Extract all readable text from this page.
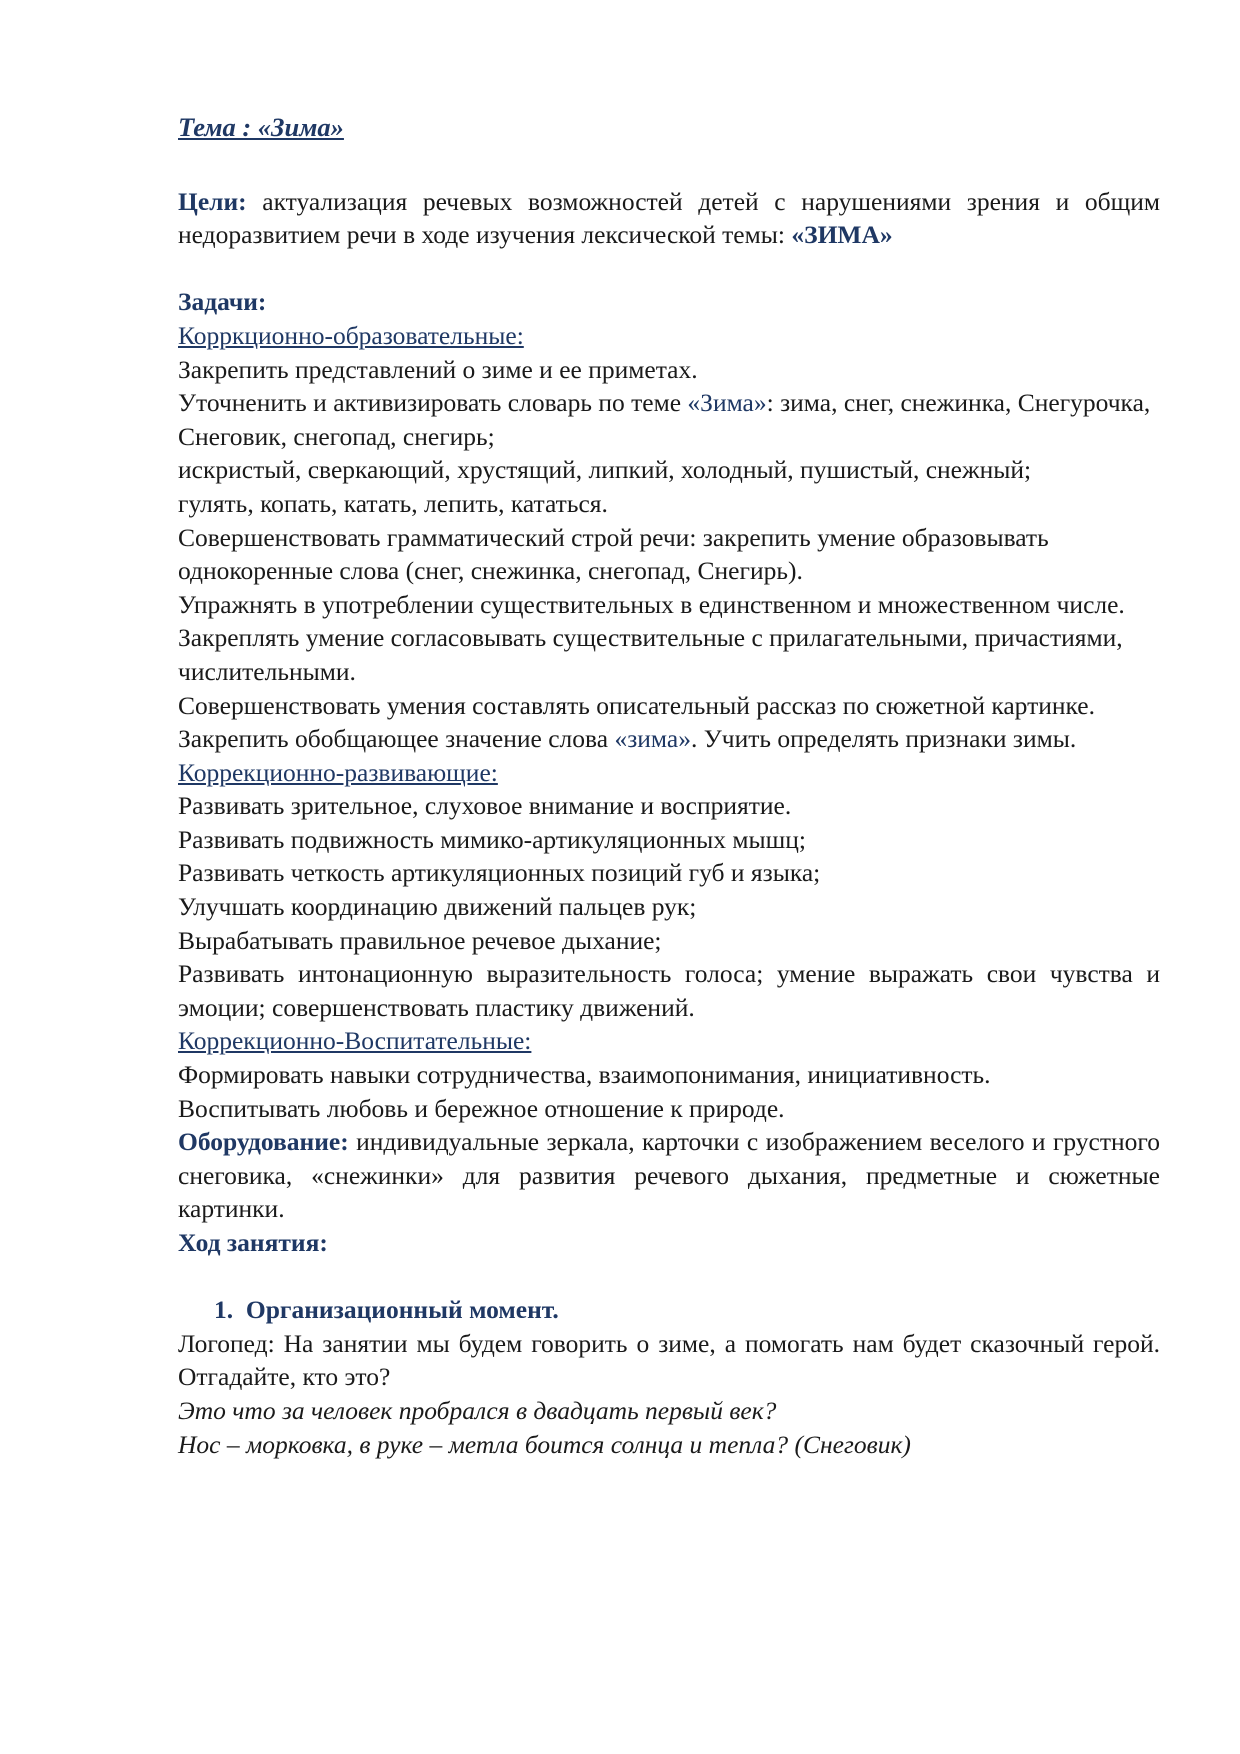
Тема : «Зима»

Цели: актуализация речевых возможностей детей с нарушениями зрения и общим недоразвитием речи в ходе изучения лексической темы: «ЗИМА»

Задачи:

Корркционно-образовательные:

Закрепить представлений о зиме и ее приметах.

Уточненить и активизировать словарь по теме «Зима»: зима, снег, снежинка, Снегурочка, Снеговик, снегопад, снегирь;

искристый, сверкающий, хрустящий, липкий, холодный, пушистый, снежный;

гулять, копать, катать, лепить, кататься.

Совершенствовать грамматический строй речи: закрепить умение образовывать однокоренные слова (снег, снежинка, снегопад, Снегирь).

Упражнять в употреблении существительных в единственном и множественном числе.

Закреплять умение согласовывать существительные с прилагательными, причастиями, числительными.

Совершенствовать умения составлять описательный рассказ по сюжетной картинке.

Закрепить обобщающее значение слова «зима». Учить определять признаки зимы.

Коррекционно-развивающие:

Развивать зрительное, слуховое внимание и восприятие.

Развивать подвижность мимико-артикуляционных мышц;

Развивать четкость артикуляционных позиций губ и языка;

Улучшать координацию движений пальцев рук;

Вырабатывать правильное речевое дыхание;

Развивать интонационную выразительность голоса; умение выражать свои чувства и эмоции; совершенствовать пластику движений.

Коррекционно-Воспитательные:

Формировать навыки сотрудничества, взаимопонимания, инициативность.

Воспитывать любовь и бережное отношение к природе.

Оборудование: индивидуальные зеркала, карточки с изображением веселого и грустного снеговика, «снежинки» для развития речевого дыхания, предметные и сюжетные картинки.

Ход занятия:

1. Организационный момент.

Логопед: На занятии мы будем говорить о зиме, а помогать нам будет сказочный герой. Отгадайте, кто это?

Это что за человек пробрался в двадцать первый век?

Нос – морковка, в руке – метла боится солнца и тепла? (Снеговик)
